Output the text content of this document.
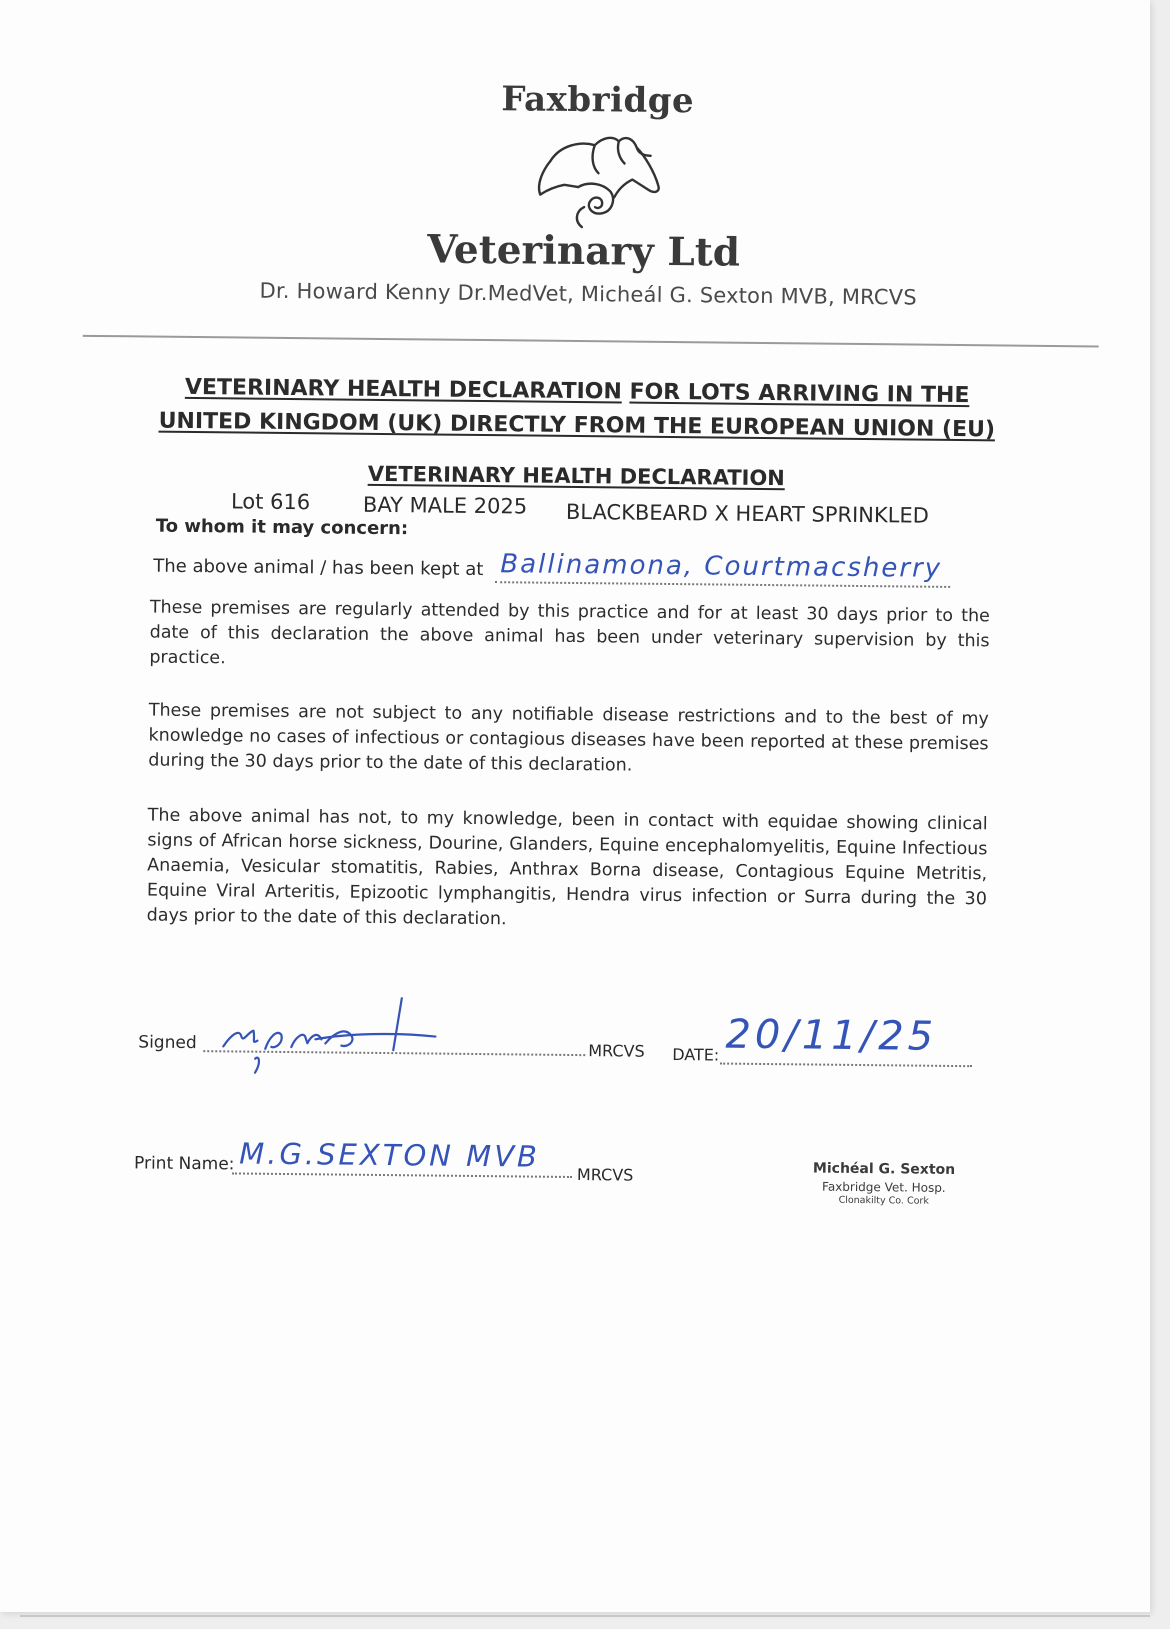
Faxbridge
Veterinary Ltd
Dr. Howard Kenny Dr.MedVet, Micheál G. Sexton MVB, MRCVS
VETERINARY HEALTH DECLARATION FOR LOTS ARRIVING IN THE
UNITED KINGDOM (UK) DIRECTLY FROM THE EUROPEAN UNION (EU)
VETERINARY HEALTH DECLARATION
Lot 616	BAY MALE 2025 BLACKBEARD X HEART SPRINKLED
To whom it may concern:
The above animal / has been kept at Ballinamona, Courtmacsherry
These premises are regularly attended by this practice and for at least 30 days prior to the date of this declaration the above animal has been under veterinary supervision by this practice.
These premises are not subject to any notifiable disease restrictions and to the best of my knowledge no cases of infectious or contagious diseases have been reported at these premises during the 30 days prior to the date of this declaration.
The above animal has not, to my knowledge, been in contact with equidae showing clinical signs of African horse sickness, Dourine, Glanders, Equine encephalomyelitis, Equine Infectious Anaemia, Vesicular stomatitis, Rabies, Anthrax Borna disease, Contagious Equine Metritis, Equine Viral Arteritis, Epizootic lymphangitis, Hendra virus infection or Surra during the 30 days prior to the date of this declaration.
Signed	MRCVS DATE: 20/11/25
Print Name: M.G.SEXTON MVB
MRCVS	Michéal G. Sexton
Faxbridge Vet. Hosp.
Clonakilty Co. Cork
